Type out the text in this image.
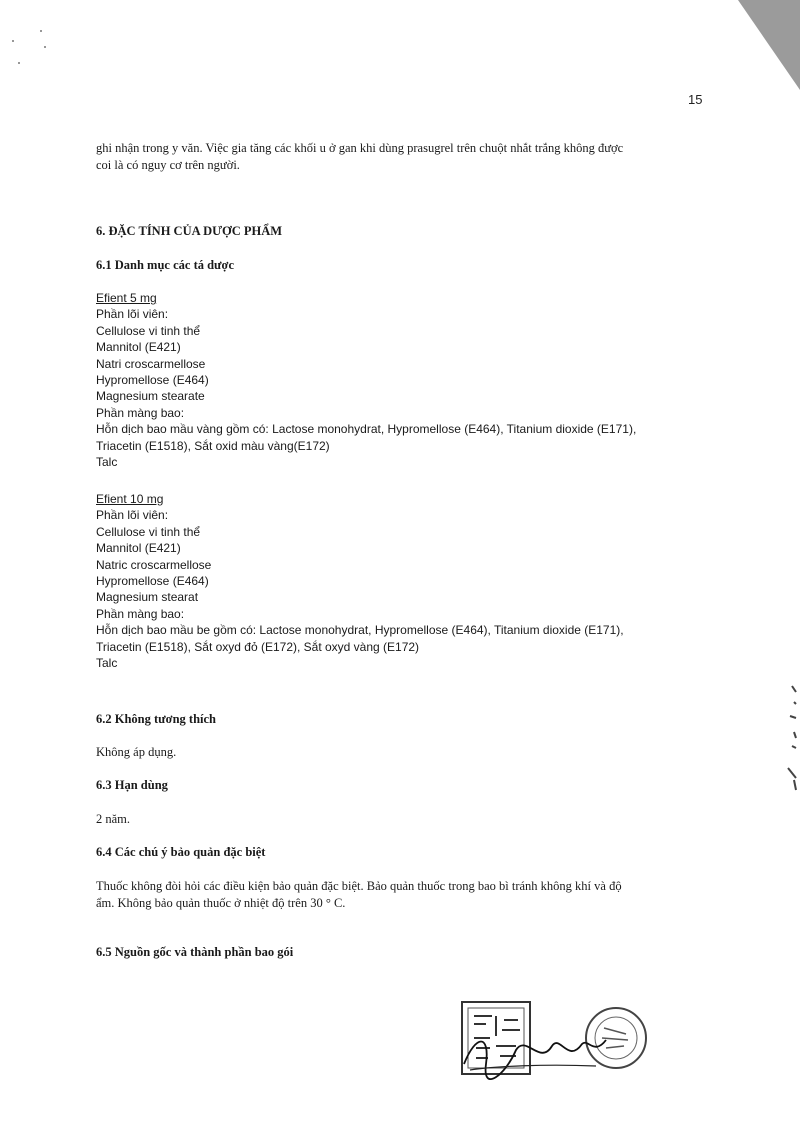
15
ghi nhận trong y văn. Việc gia tăng các khối u ở gan khi dùng prasugrel trên chuột nhắt trắng không được
coi là có nguy cơ trên người.
6. ĐẶC TÍNH CỦA DƯỢC PHẨM
6.1 Danh mục các tá dược
Efient 5 mg
Phần lõi viên:
Cellulose vi tinh thể
Mannitol (E421)
Natri croscarmellose
Hypromellose (E464)
Magnesium stearate
Phần màng bao:
Hỗn dịch bao mầu vàng gồm có: Lactose monohydrat, Hypromellose (E464), Titanium dioxide (E171),
Triacetin (E1518), Sắt oxid màu vàng(E172)
Talc
Efient 10 mg
Phần lõi viên:
Cellulose vi tinh thể
Mannitol (E421)
Natric croscarmellose
Hypromellose (E464)
Magnesium stearat
Phần màng bao:
Hỗn dịch bao mầu be gồm có: Lactose monohydrat, Hypromellose (E464), Titanium dioxide (E171),
Triacetin (E1518), Sắt oxyd đỏ (E172), Sắt oxyd vàng (E172)
Talc
6.2 Không tương thích
Không áp dụng.
6.3 Hạn dùng
2 năm.
6.4 Các chú ý bảo quản đặc biệt
Thuốc không đòi hỏi các điều kiện bảo quản đặc biệt. Bảo quản thuốc trong bao bì tránh không khí và độ
ẩm. Không bảo quản thuốc ở nhiệt độ trên 30 ° C.
6.5 Nguồn gốc và thành phần bao gói
